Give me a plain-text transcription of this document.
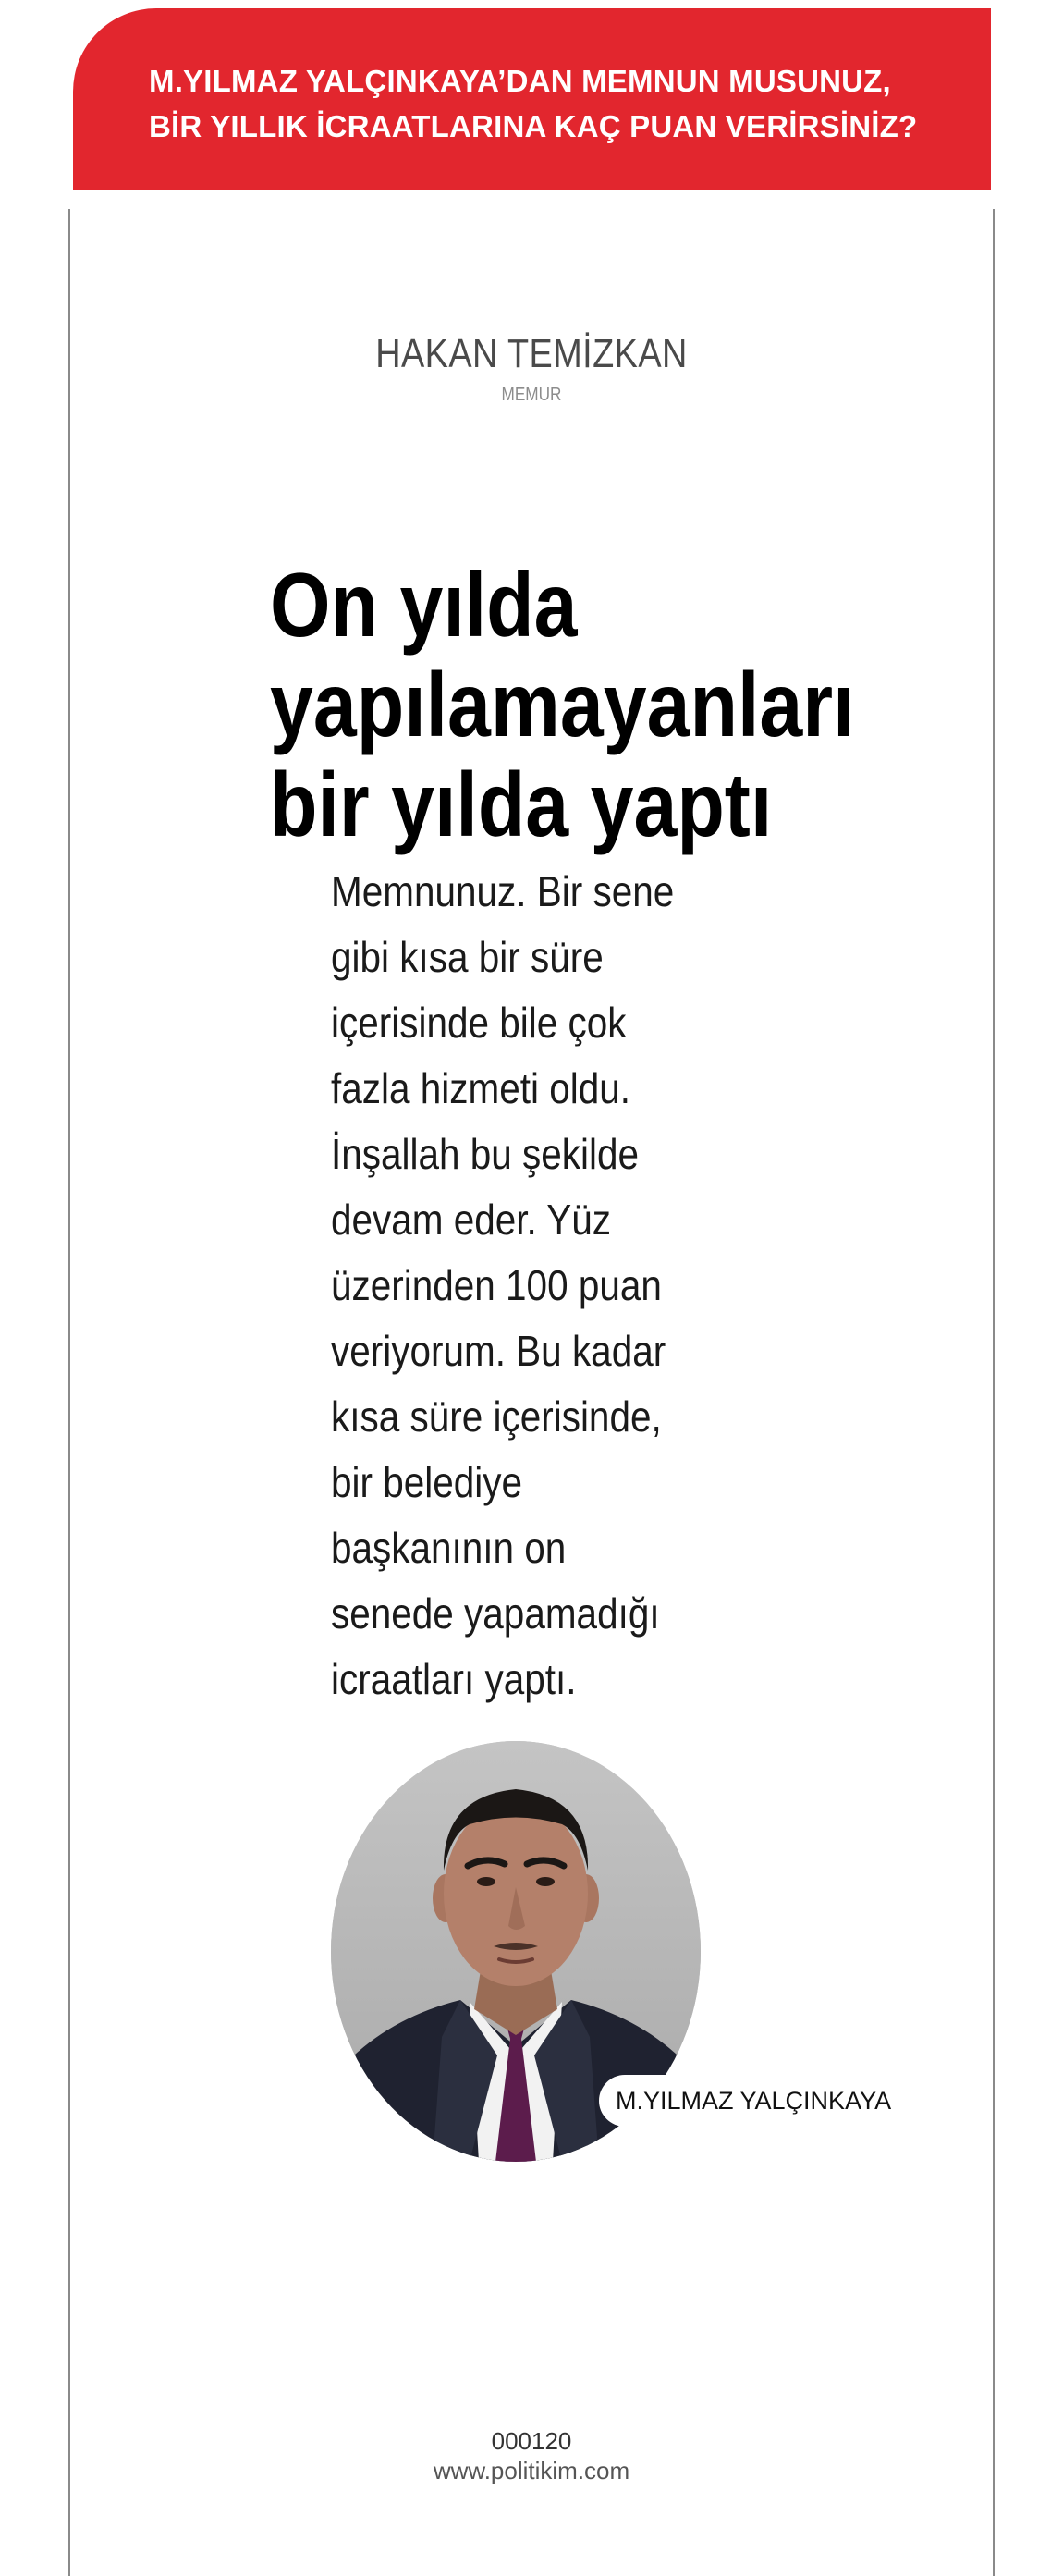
M.YILMAZ YALÇINKAYA’DAN MEMNUN MUSUNUZ,
BİR YILLIK İCRAATLARINA KAÇ PUAN VERİRSİNİZ?
HAKAN TEMİZKAN
MEMUR
On yılda
yapılamayanları
bir yılda yaptı
Memnunuz. Bir sene
gibi kısa bir süre
içerisinde bile çok
fazla hizmeti oldu.
İnşallah bu şekilde
devam eder. Yüz
üzerinden 100 puan
veriyorum. Bu kadar
kısa süre içerisinde,
bir belediye
başkanının on
senede yapamadığı
icraatları yaptı.
M.YILMAZ YALÇINKAYA
000120
www.politikim.com
